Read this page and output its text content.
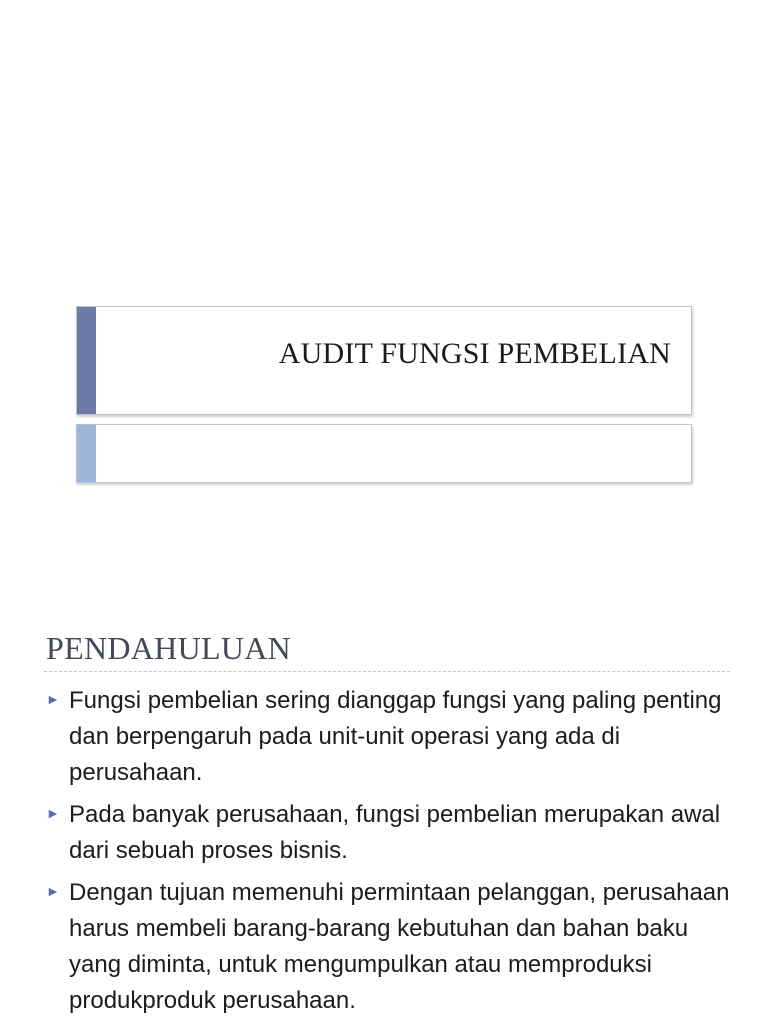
AUDIT FUNGSI PEMBELIAN
PENDAHULUAN
► Fungsi pembelian sering dianggap fungsi yang paling penting dan berpengaruh pada unit-unit operasi yang ada di perusahaan.
► Pada banyak perusahaan, fungsi pembelian merupakan awal dari sebuah proses bisnis.
► Dengan tujuan memenuhi permintaan pelanggan, perusahaan harus membeli barang-barang kebutuhan dan bahan baku yang diminta, untuk mengumpulkan atau memproduksi produkproduk perusahaan.
